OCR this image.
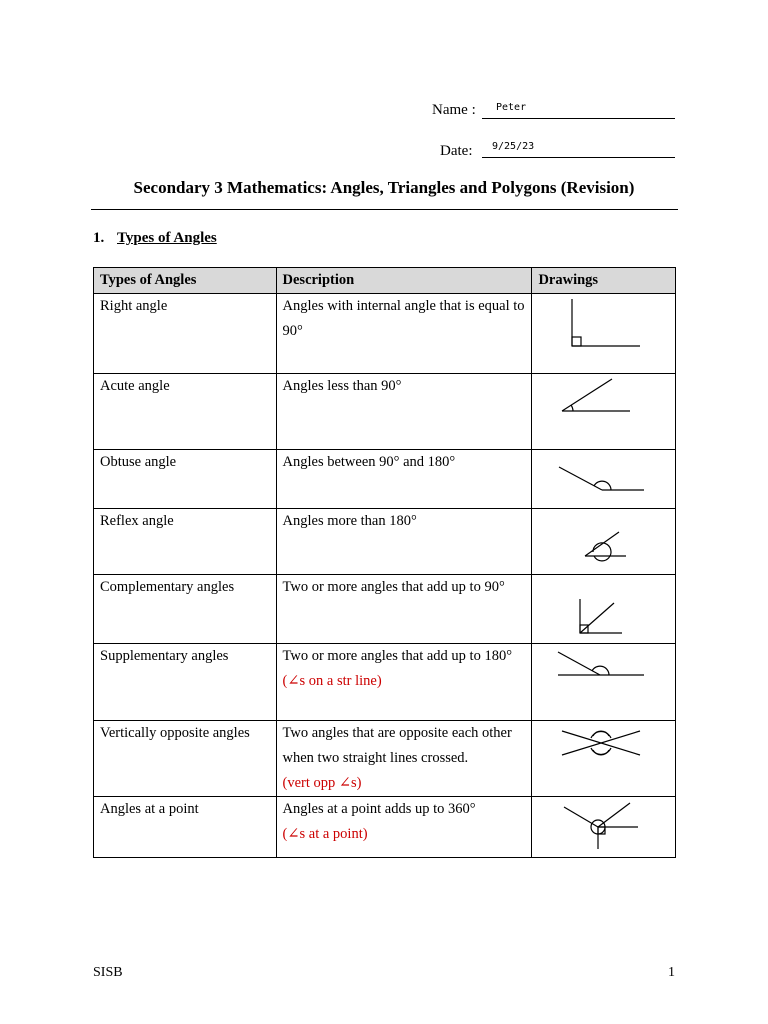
Name : Peter
Date: 9/25/23
Secondary 3 Mathematics: Angles, Triangles and Polygons (Revision)
1. Types of Angles
Types of Angles	Description	Drawings
Right angle	Angles with internal angle that is equal to 90°	

Acute angle	Angles less than 90°	

Obtuse angle	Angles between 90° and 180°	

Reflex angle	Angles more than 180°	

Complementary angles	Two or more angles that add up to 90°	

Supplementary angles	Two or more angles that add up to 180°
(∠s on a str line)	

Vertically opposite angles	Two angles that are opposite each other when two straight lines crossed.
(vert opp ∠s)	

Angles at a point	Angles at a point adds up to 360°
(∠s at a point)	
SISB	1
